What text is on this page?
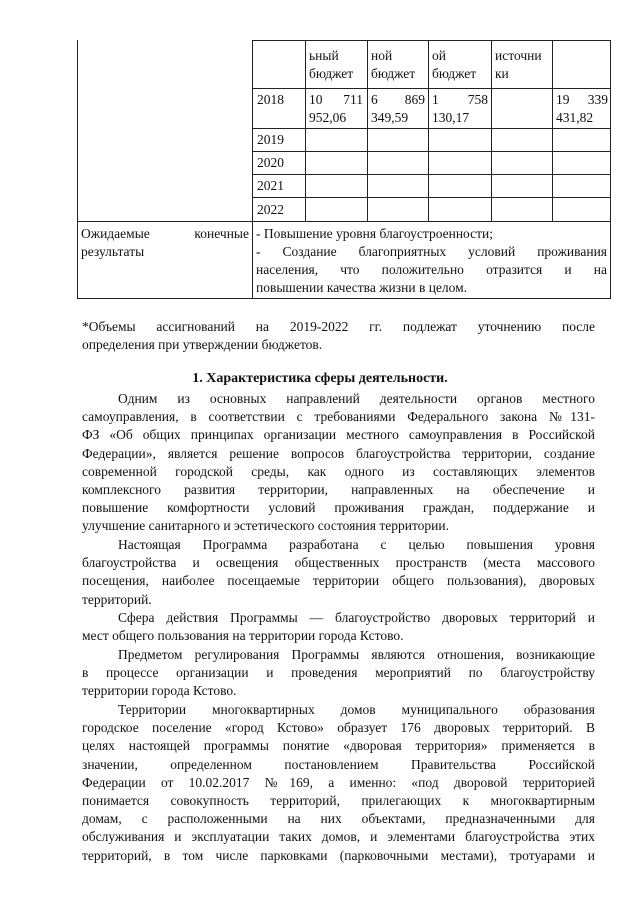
ьный
бюджет
ной
бюджет
ой
бюджет
источни
ки
2018 10 711
952,06
6 869
349,59
1 758
130,17
19 339
431,82
2019
2020
2021
2022
Ожидаемые	конечные
результаты
- Повышение уровня благоустроенности;
- Создание благоприятных условий проживания
населения, что положительно отразится и на
повышении качества жизни в целом.
*Объемы ассигнований на 2019-2022 гг. подлежат уточнению после
определения при утверждении бюджетов.
1. Характеристика сферы деятельности.
Одним из основных направлений деятельности органов местного
самоуправления, в соответствии с требованиями Федерального закона №131-
ФЗ «Об общих принципах организации местного самоуправления в Российской
Федерации», является решение вопросов благоустройства территории, создание
современной городской среды, как одного из составляющих элементов
комплексного развития территории, направленных на обеспечение и
повышение комфортности условий проживания граждан, поддержание и
улучшение санитарного и эстетического состояния территории.
Настоящая Программа разработана с целью повышения уровня
благоустройства и освещения общественных пространств (места массового
посещения, наиболее посещаемые территории общего пользования), дворовых
территорий.
Сфера действия Программы — благоустройство дворовых территорий и
мест общего пользования на территории города Кстово.
Предметом регулирования Программы являются отношения, возникающие
в процессе организации и проведения мероприятий по благоустройству
территории города Кстово.
Территории многоквартирных домов муниципального образования
городское поселение «город Кстово» образует 176 дворовых территорий. В
целях настоящей программы понятие «дворовая территория» применяется в
значении, определенном постановлением Правительства Российской
Федерации от 10.02.2017 №169, а именно: «под дворовой территорией
понимается совокупность территорий, прилегающих к многоквартирным
домам, с расположенными на них объектами, предназначенными для
обслуживания и эксплуатации таких домов, и элементами благоустройства этих
территорий, в том числе парковками (парковочными местами), тротуарами и
